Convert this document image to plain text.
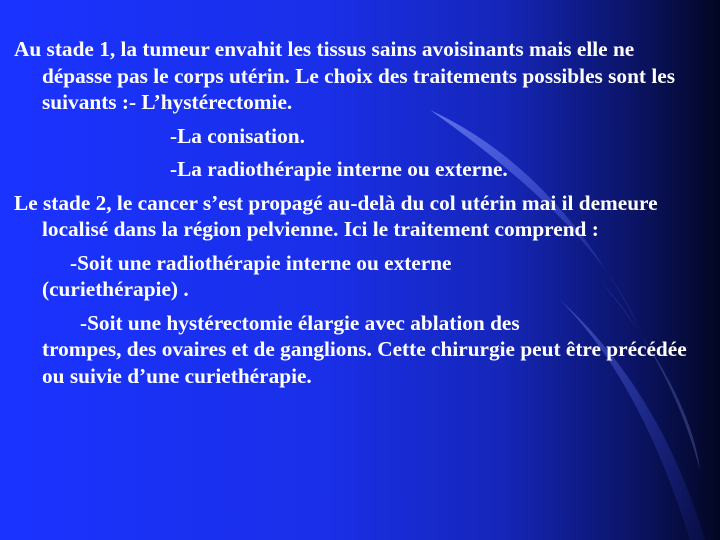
Au stade 1, la tumeur envahit les tissus sains avoisinants mais elle ne dépasse pas le corps utérin. Le choix des traitements possibles sont les suivants :- L’hystérectomie.
-La conisation.
-La radiothérapie interne ou externe.
Le stade 2, le cancer s’est propagé au-delà du col utérin mai il demeure localisé dans la région pelvienne. Ici le traitement comprend :
-Soit une radiothérapie interne ou externe
(curiethérapie) .
-Soit une hystérectomie élargie avec ablation des
trompes, des ovaires et de ganglions. Cette chirurgie peut être précédée ou suivie d’une curiethérapie.
